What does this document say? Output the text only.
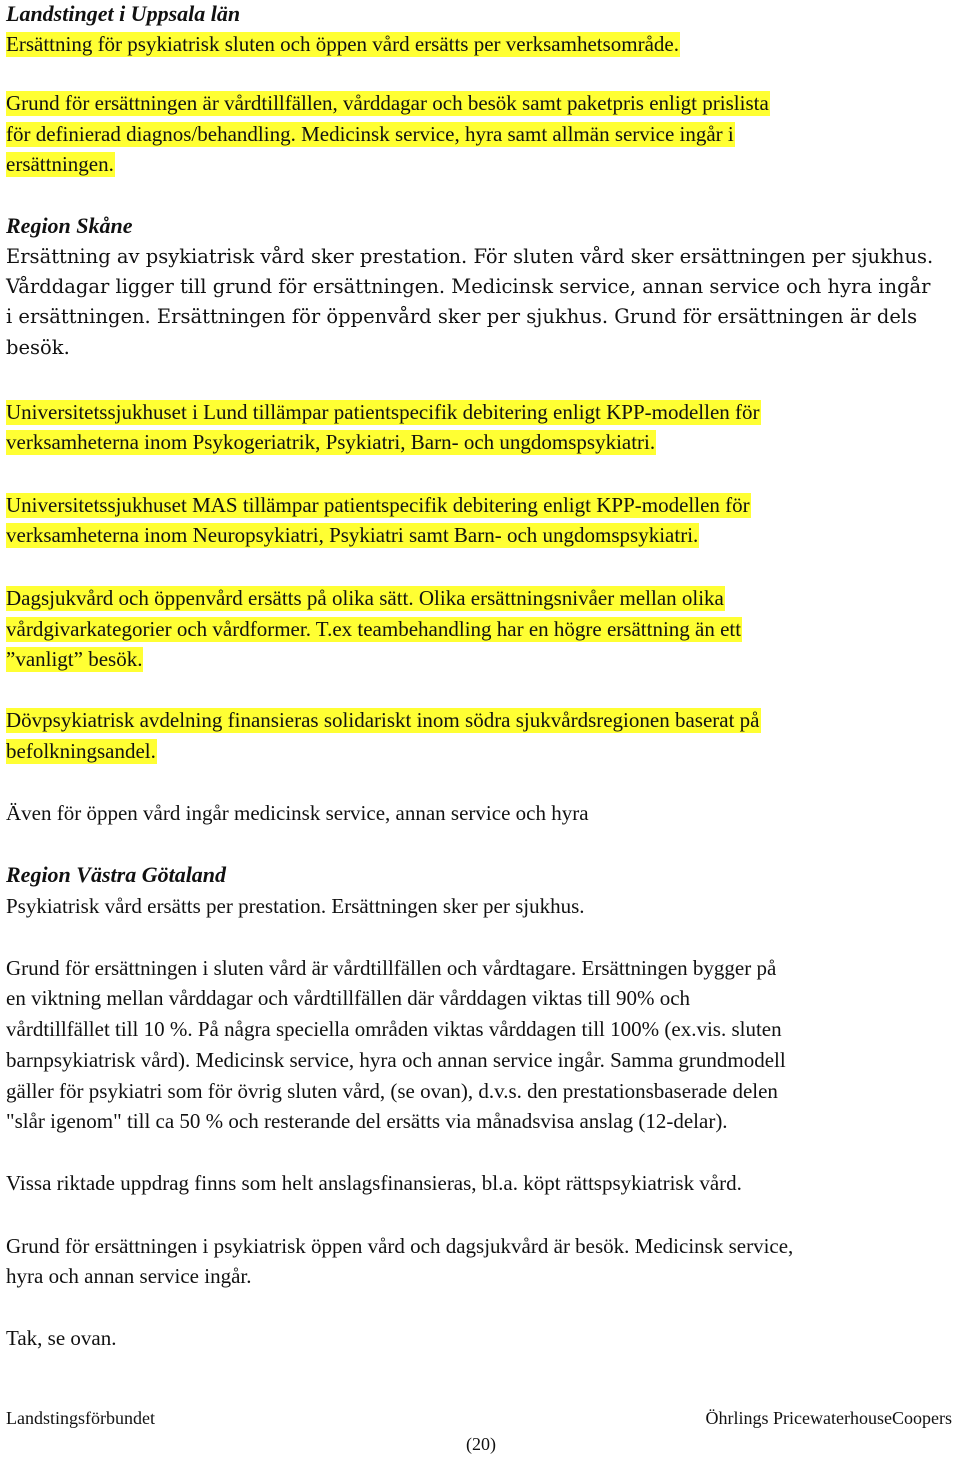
Landstinget i Uppsala län
Ersättning för psykiatrisk sluten och öppen vård ersätts per verksamhetsområde.
Grund för ersättningen är vårdtillfällen, vårddagar och besök samt paketpris enligt prislista
för definierad diagnos/behandling. Medicinsk service, hyra samt allmän service ingår i
ersättningen.
Region Skåne
Ersättning av psykiatrisk vård sker prestation. För sluten vård sker ersättningen per sjukhus.
Vårddagar ligger till grund för ersättningen. Medicinsk service, annan service och hyra ingår
i ersättningen. Ersättningen för öppenvård sker per sjukhus. Grund för ersättningen är dels
besök.
Universitetssjukhuset i Lund tillämpar patientspecifik debitering enligt KPP-modellen för
verksamheterna inom Psykogeriatrik, Psykiatri, Barn- och ungdomspsykiatri.
Universitetssjukhuset MAS tillämpar patientspecifik debitering enligt KPP-modellen för
verksamheterna inom Neuropsykiatri, Psykiatri samt Barn- och ungdomspsykiatri.
Dagsjukvård och öppenvård ersätts på olika sätt. Olika ersättningsnivåer mellan olika
vårdgivarkategorier och vårdformer. T.ex teambehandling har en högre ersättning än ett
”vanligt” besök.
Dövpsykiatrisk avdelning finansieras solidariskt inom södra sjukvårdsregionen baserat på
befolkningsandel.
Även för öppen vård ingår medicinsk service, annan service och hyra
Region Västra Götaland
Psykiatrisk vård ersätts per prestation. Ersättningen sker per sjukhus.
Grund för ersättningen i sluten vård är vårdtillfällen och vårdtagare. Ersättningen bygger på
en viktning mellan vårddagar och vårdtillfällen där vårddagen viktas till 90% och
vårdtillfället till 10 %. På några speciella områden viktas vårddagen till 100% (ex.vis. sluten
barnpsykiatrisk vård). Medicinsk service, hyra och annan service ingår. Samma grundmodell
gäller för psykiatri som för övrig sluten vård, (se ovan), d.v.s. den prestationsbaserade delen
"slår igenom" till ca 50 % och resterande del ersätts via månadsvisa anslag (12-delar).
Vissa riktade uppdrag finns som helt anslagsfinansieras, bl.a. köpt rättspsykiatrisk vård.
Grund för ersättningen i psykiatrisk öppen vård och dagsjukvård är besök. Medicinsk service,
hyra och annan service ingår.
Tak, se ovan.
Landstingsförbundet	Öhrlings PricewaterhouseCoopers
(20)
